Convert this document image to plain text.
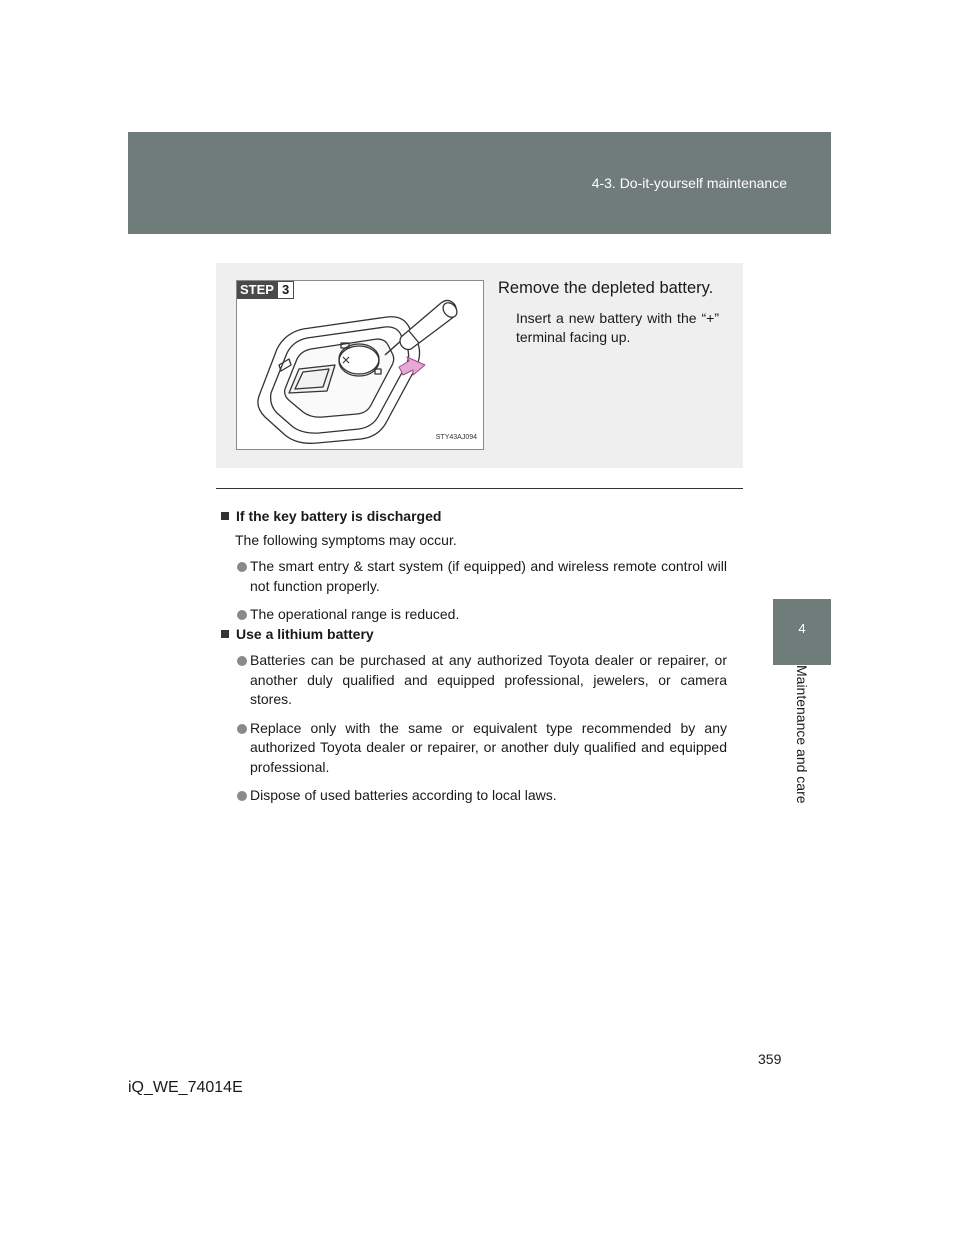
4-3. Do-it-yourself maintenance
4
Maintenance and care
STEP 3
STY43AJ094
Remove the depleted battery.
Insert a new battery with the “+” terminal facing up.
If the key battery is discharged
The following symptoms may occur.
The smart entry & start system (if equipped) and wireless remote control will not function properly.
The operational range is reduced.
Use a lithium battery
Batteries can be purchased at any authorized Toyota dealer or repairer, or another duly qualified and equipped professional, jewelers, or camera stores.
Replace only with the same or equivalent type recommended by any authorized Toyota dealer or repairer, or another duly qualified and equipped professional.
Dispose of used batteries according to local laws.
359
iQ_WE_74014E
